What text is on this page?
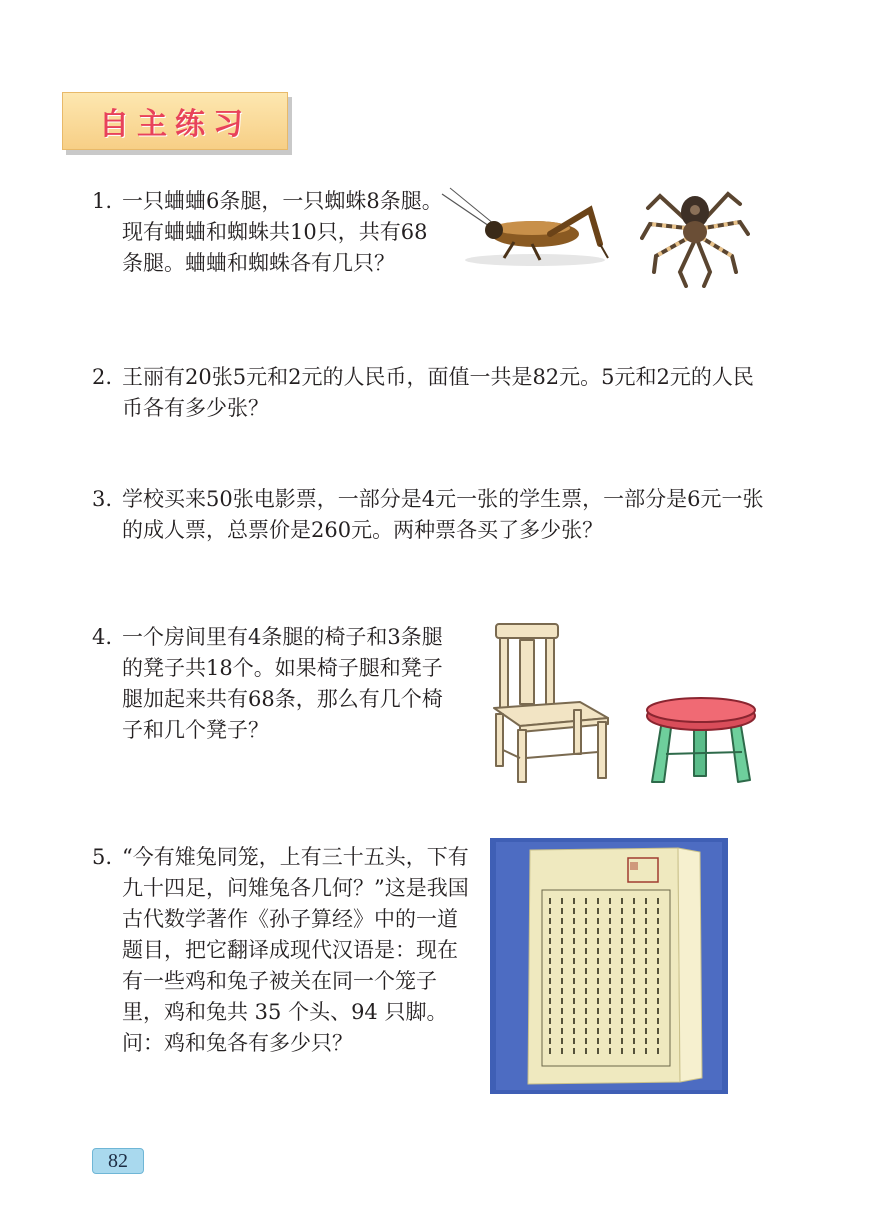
自主练习
1. 一只蛐蛐6条腿，一只蜘蛛8条腿。现有蛐蛐和蜘蛛共10只，共有68条腿。蛐蛐和蜘蛛各有几只？
2. 王丽有20张5元和2元的人民币，面值一共是82元。5元和2元的人民币各有多少张？
3. 学校买来50张电影票，一部分是4元一张的学生票，一部分是6元一张的成人票，总票价是260元。两种票各买了多少张？
4. 一个房间里有4条腿的椅子和3条腿的凳子共18个。如果椅子腿和凳子腿加起来共有68条，那么有几个椅子和几个凳子？
5. “今有雉兔同笼，上有三十五头，下有九十四足，问雉兔各几何？”这是我国古代数学著作《孙子算经》中的一道题目，把它翻译成现代汉语是：现在有一些鸡和兔子被关在同一个笼子里，鸡和兔共 35 个头、94 只脚。问：鸡和兔各有多少只？
82
